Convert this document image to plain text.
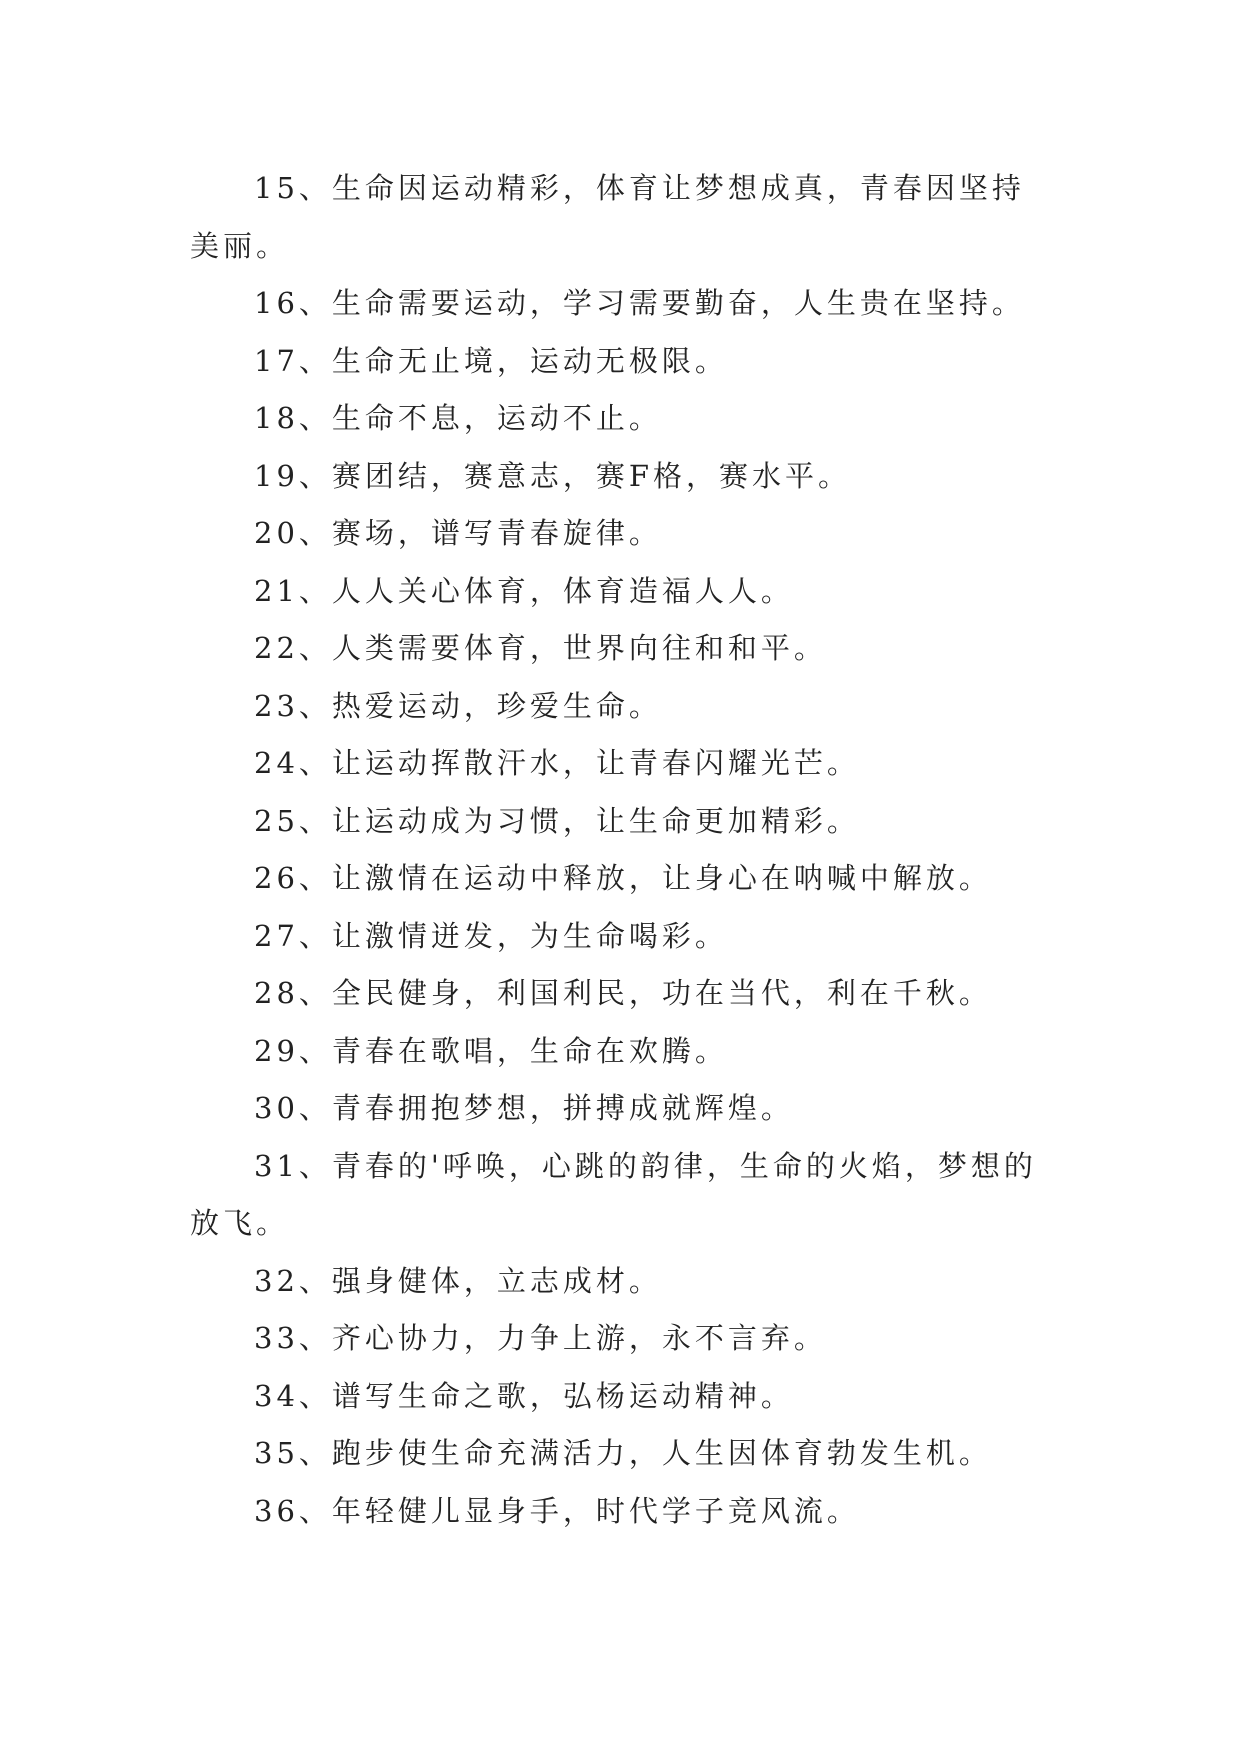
15、生命因运动精彩，体育让梦想成真，青春因坚持美丽。

16、生命需要运动，学习需要勤奋，人生贵在坚持。

17、生命无止境，运动无极限。

18、生命不息，运动不止。

19、赛团结，赛意志，赛F格，赛水平。

20、赛场，谱写青春旋律。

21、人人关心体育，体育造福人人。

22、人类需要体育，世界向往和和平。

23、热爱运动，珍爱生命。

24、让运动挥散汗水，让青春闪耀光芒。

25、让运动成为习惯，让生命更加精彩。

26、让激情在运动中释放，让身心在呐喊中解放。

27、让激情迸发，为生命喝彩。

28、全民健身，利国利民，功在当代，利在千秋。

29、青春在歌唱，生命在欢腾。

30、青春拥抱梦想，拼搏成就辉煌。

31、青春的'呼唤，心跳的韵律，生命的火焰，梦想的放飞。

32、强身健体，立志成材。

33、齐心协力，力争上游，永不言弃。

34、谱写生命之歌，弘杨运动精神。

35、跑步使生命充满活力，人生因体育勃发生机。

36、年轻健儿显身手，时代学子竞风流。
